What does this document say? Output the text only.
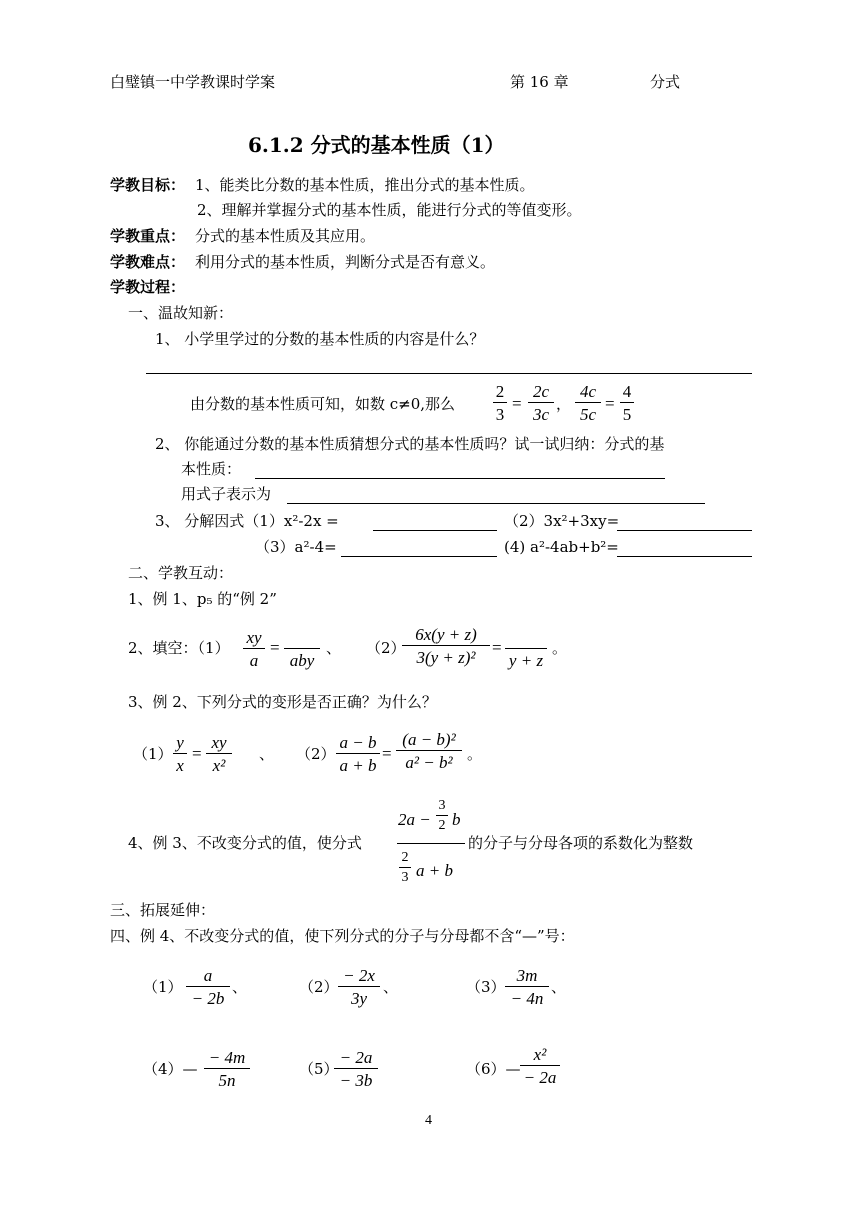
白璧镇一中学教课时学案	第 16 章	分式
6.1.2 分式的基本性质（1）
学教目标： 1、能类比分数的基本性质，推出分式的基本性质。
2、理解并掌握分式的基本性质，能进行分式的等值变形。
学教重点： 分式的基本性质及其应用。
学教难点： 利用分式的基本性质，判断分式是否有意义。
学教过程：
一、温故知新：
1、 小学里学过的分数的基本性质的内容是什么？
由分数的基本性质可知，如数 c≠0,那么
2
3
=
2c
3c
，
4c
5c
=
4
5
2、 你能通过分数的基本性质猜想分式的基本性质吗？试一试归纳：分式的基
本性质：
用式子表示为
3、 分解因式（1）x²-2x =	（2）3x²+3xy=
（3）a²-4=	(4) a²-4ab+b²=
二、学教互动：
1、例 1、p₅ 的“例 2”
2、填空：（1）
xy
a
=

aby
、 （2）
6x(y + z)
3(y + z)²
=

y + z
。
3、例 2、下列分式的变形是否正确？为什么？
（1）
y
x
=
xy
x²
、 （2）
a − b
a + b
=
(a − b)²
a² − b² 。
4、例 3、不改变分式的值，使分式
2a −
3
2 b
2
3 a + b
的分子与分母各项的系数化为整数
三、拓展延伸：
四、例 4、不改变分式的值，使下列分式的分子与分母都不含“—”号：
（1）
a
− 2b
、	（2）
− 2x
3y
、	（3）
3m
− 4n
、
（4）—
− 4m
5n
（5）
− 2a
− 3b
（6）—
x²
− 2a
4
